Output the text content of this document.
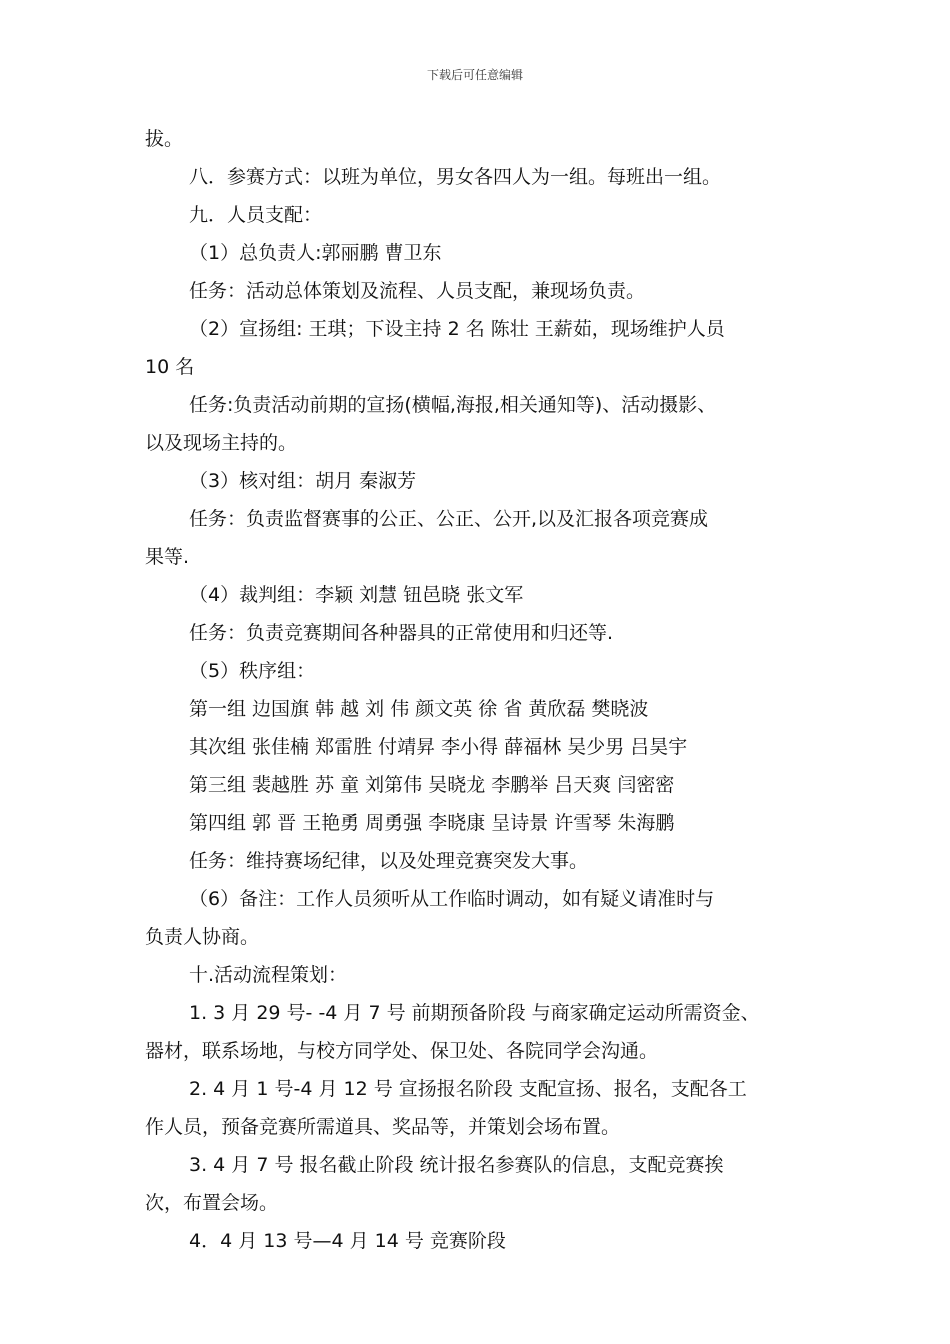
下载后可任意编辑
拔。
八．参赛方式：以班为单位，男女各四人为一组。每班出一组。
九．人员支配：
（1）总负责人:郭丽鹏 曹卫东
任务：活动总体策划及流程、人员支配，兼现场负责。
（2）宣扬组: 王琪；下设主持 2 名 陈壮 王薪茹，现场维护人员
10 名
任务:负责活动前期的宣扬(横幅,海报,相关通知等)、活动摄影、
以及现场主持的。
（3）核对组：胡月 秦淑芳
任务：负责监督赛事的公正、公正、公开,以及汇报各项竞赛成
果等.
（4）裁判组：李颖 刘慧 钮邑晓 张文军
任务：负责竞赛期间各种器具的正常使用和归还等.
（5）秩序组：
第一组 边国旗 韩 越 刘 伟 颜文英 徐 省 黄欣磊 樊晓波
其次组 张佳楠 郑雷胜 付靖昇 李小得 薛福林 吴少男 吕昊宇
第三组 裴越胜 苏 童 刘第伟 吴晓龙 李鹏举 吕天爽 闫密密
第四组 郭 晋 王艳勇 周勇强 李晓康 呈诗景 许雪琴 朱海鹏
任务：维持赛场纪律，以及处理竞赛突发大事。
（6）备注：工作人员须听从工作临时调动，如有疑义请准时与
负责人协商。
十.活动流程策划：
1. 3 月 29 号- -4 月 7 号 前期预备阶段 与商家确定运动所需资金、
器材，联系场地，与校方同学处、保卫处、各院同学会沟通。
2. 4 月 1 号-4 月 12 号 宣扬报名阶段 支配宣扬、报名，支配各工
作人员，预备竞赛所需道具、奖品等，并策划会场布置。
3. 4 月 7 号 报名截止阶段 统计报名参赛队的信息，支配竞赛挨
次，布置会场。
4．4 月 13 号—4 月 14 号 竞赛阶段
